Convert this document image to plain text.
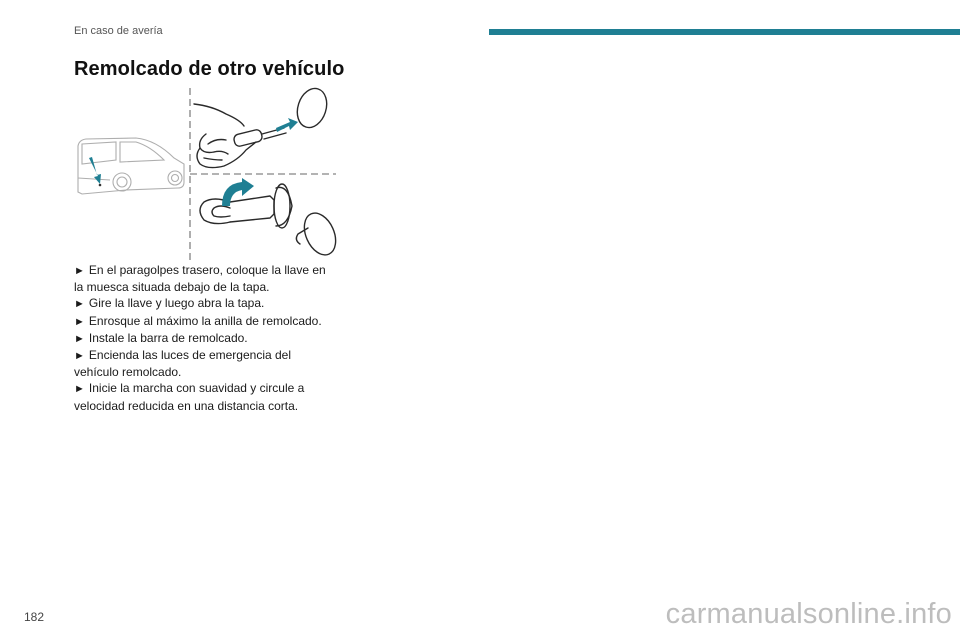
En caso de avería
Remolcado de otro vehículo

► En el paragolpes trasero, coloque la llave en la muesca situada debajo de la tapa.

► Gire la llave y luego abra la tapa.

► Enrosque al máximo la anilla de remolcado.

► Instale la barra de remolcado.

► Encienda las luces de emergencia del vehículo remolcado.

► Inicie la marcha con suavidad y circule a velocidad reducida en una distancia corta.

182	carmanualsonline.info
